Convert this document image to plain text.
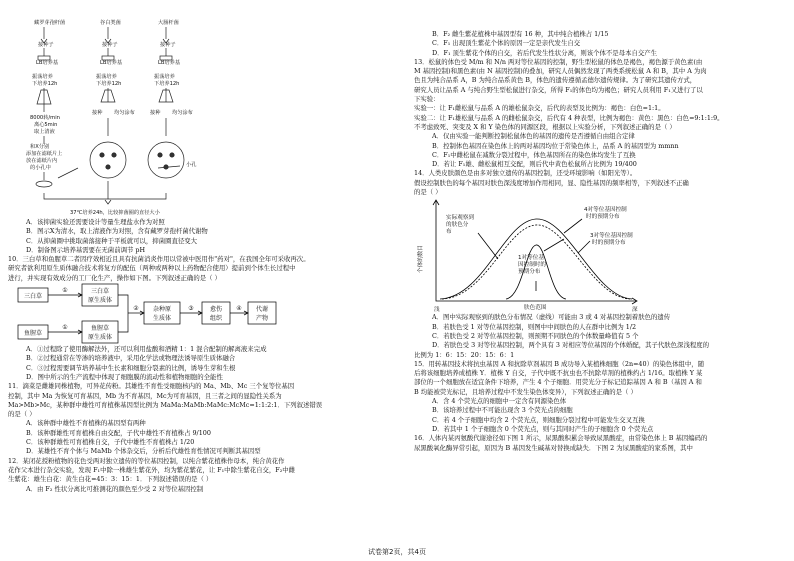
藏罗芽孢杆菌
接种子
LB培养基
振荡培养
下培养12h
8000转/min
离心5min
取上清液
和X分别
添加在滤纸片上
放在滤纸片内
的小孔中
谷白类菌
接种子
LB培养基
振荡培养
下培养12h
接种 均匀涂布
大肠杆菌
接种子
LB培养基
振荡培养
下培养12h
接种 均匀涂布
小孔
37℃培养24h，比较抑菌圈的直径大小
A．该抑菌实验还需要设计等量生理盐水作为对照
B．图示X为清水，取上清液作为对照，含有藏罗芽孢杆菌代谢物
C．从抑菌圈中挑取菌落接种于平板就可以，抑菌圈直径变大
D．制备图示培养基需要在无菌前调节 pH
10．三白草和鱼腥草二者因疗效相近且具有抗菌消炎作用以常被中医用作"药对"，在我国全年可采收再次。
研究者欲利用原生质体融合技术将复方的配伍（两种或两种以上药物配合使用）提前到个体生长过程中
进行，并实现有效成分的工厂化生产，操作如下图。下列叙述正确的是（ ）
三白草
鱼腥草
三白草
原生质体
鱼腥草
原生质体
杂种原
生质体
愈伤
组织
代谢
产物
①
①
②	③	④
A．①过程除了使用酶解法外，还可以利用盐酸和酒精 1：1 混合配制的解离液来完成
B．②过程通常在等渗的培养液中，采用化学法或物理法诱导原生质体融合
C．③过程需要调节培养基中生长素和细胞分裂素的比例，诱导生芽和生根
D．图中所示的生产流程中体现了细胞膜的流动性和植物细胞的全能性
11．滴菜是雌雄同株植物，可异花传粉。其雄性不育性受细胞核内的 Ma、Mb、Mc 三个复等位基因
控制，其中 Ma 为恢复可育基因，Mb 为不育基因，Mc为可育基因，且三者之间的显隐性关系为
Ma>Mb>Mc，某种群中雄性可育植株基因型比例为 MaMa:MaMb:MaMc:McMc=1:1:2:1．下列叙述错误
的是（ ）
A．该种群中雄性不育植株的基因型有两种
B．该种群雄性可育植株自由交配，子代中雄性不育植株占 9/100
C．该种群雄性可育植株自交，子代中雄性不育植株占 1/20
D．某雄性不育个体与 MaMb 个体杂交后，分析后代雄性育性情况可判断其基因型
12．某闭花授粉植物的花色受两对独立遗传的等位基因控制，以纯合紫花植株作母本，纯合黄花作
花作父本进行杂交实验，发现 F₁中除一株雄生紫花外，均为紫花紫花，让 F₁中除生紫花自交，F₂中雌
生紫花：雄生白花：黄生白花=45：3：15：1．下列叙述错误的是（ ）
A．由 F₂ 性状分离比可推测花的颜色至少受 2 对等位基因控制
B．F₂ 雌生紫花植株中基因型有 16 种，其中纯合植株占 1/15
C．F₁ 出现顶生紫花个体的原因一定是亲代发生自交
D．F₁ 顶生紫花个体的自交，若后代发生性状分离，则该个体不是母本自交产生
13．松鼠的体色受 M/m 和 N/n 两对等位基因的控制，野生型松鼠的体色是褐色，褐色源于黄色素(由
M 基因控制)和黑色素(由 N 基因控制)的叠加，研究人员偶然发现了两类系统松鼠 A 和 B，其中 A 为肉
色且为纯合品系 A，B 为纯合品系黄色 B，体色的遗传遵循孟德尔遗传规律。为了研究其遗传方式，
研究人员让品系 A 与纯合野生型松鼠进行杂交，所得 F₁的体色均为褐色；研究人员利用 F₁又进行了以
下实验：
实验一：让 F₁雌松鼠与品系 A 的雄松鼠杂交，后代的表型及比例为：褐色：白色=1:1。
实验二：让 F₁雄松鼠与品系 A 的雌松鼠杂交，后代有 4 种表型，比例为褐色：黄色：黑色：白色=9:1:1:9。
不考虑致死、突变及 X 和 Y 染色体的同源区段，根据以上实验分析，下列叙述正确的是（ ）
A．仅由实验一能判断控制松鼠体色的基因的遗传是否遵循自由组合定律
B．控制体色基因在染色体上的两对基因均位于常染色体上，品系 A 的基因型为 mmnn
C．F₁中雌松鼠在减数分裂过程中，体色基因所在的染色体均发生了互换
D．若让 F₁雄、雌松鼠相互交配，则后代中黄色松鼠所占比例为 19/400
14．人类皮肤颜色是由多对独立遗传的基因控制，还受环境影响（如阳光等）。
假设控制肤色的每个基因对肤色深浅度增加作用相同，显、隐性基因的频率相等，下列叙述不正确
的是（ ）
个体的数目
肤色范围
浅	深
实际观察到
的肤色分
布
1对等位基
因控制时的
预期分布
4对等位基因控制
时的预期分布
3对等位基因控制
时的预期分布
A．图中实际观察到的肤色分布情况（虚线）可能由 3 或 4 对基因控制着肤色的遗传
B．若肤色受 1 对等位基因控制，则图中中间肤色的人在群中比例为 1/2
C．若肤色受 2 对等位基因控制，则预期不同肤色的个体数量峰值有 5 个
D．若肤色受 3 对等位基因控制，两个具有 3 对相应等位基因的个体婚配，其子代肤色深浅程度的
比例为 1：6：15：20：15：6：1
15．用转基因技术将抗虫基因 A 和抗除草剂基因 B 成功导入某植株细胞（2n=40）的染色体组中，随
后将该细胞培养成植株 Y．植株 Y 自交，子代中既不抗虫也不抗除草剂的植株约占 1/16。取植株 Y 某
部位的一个细胞放在适宜条件下培养，产生 4 个子细胞．用荧光分子标记追踪基因 A 和 B（基因 A 和
B 均能被荧光标记，且培养过程中不发生染色体变异），下列叙述正确的是（ ）
A．含 4 个荧光点的细胞中一定含有同源染色体
B．该培养过程中不可能出现含 3 个荧光点的细胞
C．若 4 个子细胞中均含 2 个荧光点，则细胞分裂过程中可能发生交叉互换
D．若其中 1 个子细胞含 0 个荧光点，则与其同时产生的子细胞含 0 个荧光点
16．人体内某丙氨酸代谢途径如下图 1 所示，尿黑酸积累会导致尿黑酸症，由常染色体上 B 基因编码的
尿黑酸氧化酶异常引起，原因为 B 基因发生碱基对替换成缺失．下图 2 为尿黑酸症的家系图，其中
试卷第2页，共4页
